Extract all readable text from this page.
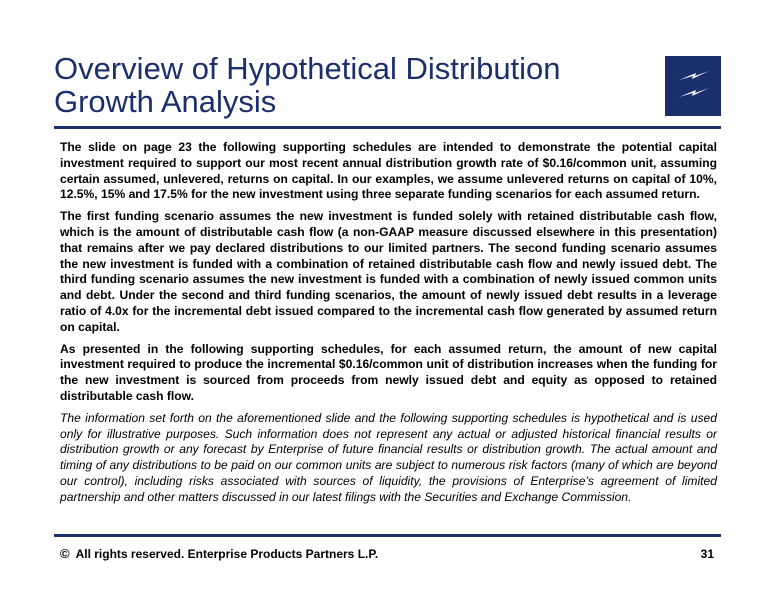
Overview of Hypothetical Distribution
Growth Analysis

The slide on page 23 the following supporting schedules are intended to demonstrate the potential capital investment required to support our most recent annual distribution growth rate of $0.16/common unit, assuming certain assumed, unlevered, returns on capital. In our examples, we assume unlevered returns on capital of 10%, 12.5%, 15% and 17.5% for the new investment using three separate funding scenarios for each assumed return.

The first funding scenario assumes the new investment is funded solely with retained distributable cash flow, which is the amount of distributable cash flow (a non-GAAP measure discussed elsewhere in this presentation) that remains after we pay declared distributions to our limited partners. The second funding scenario assumes the new investment is funded with a combination of retained distributable cash flow and newly issued debt. The third funding scenario assumes the new investment is funded with a combination of newly issued common units and debt. Under the second and third funding scenarios, the amount of newly issued debt results in a leverage ratio of 4.0x for the incremental debt issued compared to the incremental cash flow generated by assumed return on capital.

As presented in the following supporting schedules, for each assumed return, the amount of new capital investment required to produce the incremental $0.16/common unit of distribution increases when the funding for the new investment is sourced from proceeds from newly issued debt and equity as opposed to retained distributable cash flow.

The information set forth on the aforementioned slide and the following supporting schedules is hypothetical and is used only for illustrative purposes. Such information does not represent any actual or adjusted historical financial results or distribution growth or any forecast by Enterprise of future financial results or distribution growth. The actual amount and timing of any distributions to be paid on our common units are subject to numerous risk factors (many of which are beyond our control), including risks associated with sources of liquidity, the provisions of Enterprise’s agreement of limited partnership and other matters discussed in our latest filings with the Securities and Exchange Commission.

© All rights reserved. Enterprise Products Partners L.P.	31
